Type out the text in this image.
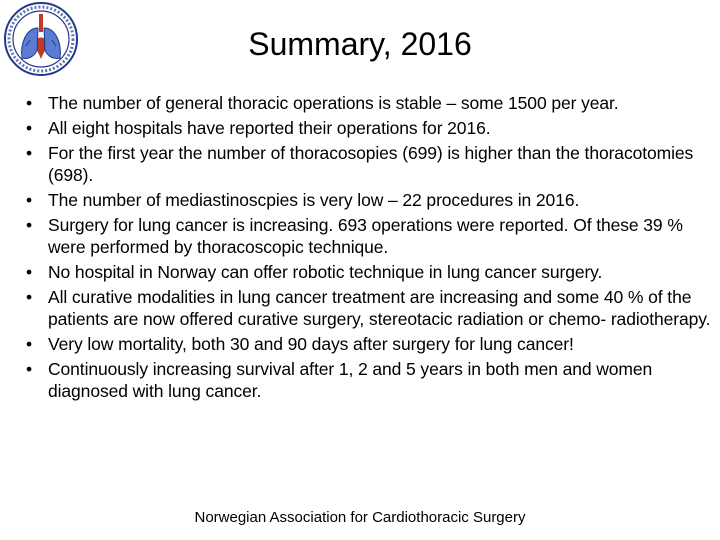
Summary, 2016
• The number of general thoracic operations is stable – some 1500 per year.
• All eight hospitals have reported their operations for 2016.
• For the first year the number of thoracosopies (699) is higher than the thoracotomies (698).
• The number of mediastinoscpies is very low – 22 procedures in 2016.
• Surgery for lung cancer is increasing. 693 operations were reported. Of these 39 % were performed by thoracoscopic technique.
• No hospital in Norway can offer robotic technique in lung cancer surgery.
• All curative modalities in lung cancer treatment are increasing and some 40 % of the patients are now offered curative surgery, stereotacic radiation or chemo- radiotherapy.
• Very low mortality, both 30 and 90 days after surgery for lung cancer!
• Continuously increasing survival after 1, 2 and 5 years in both men and women diagnosed with lung cancer.
Norwegian Association for Cardiothoracic Surgery
